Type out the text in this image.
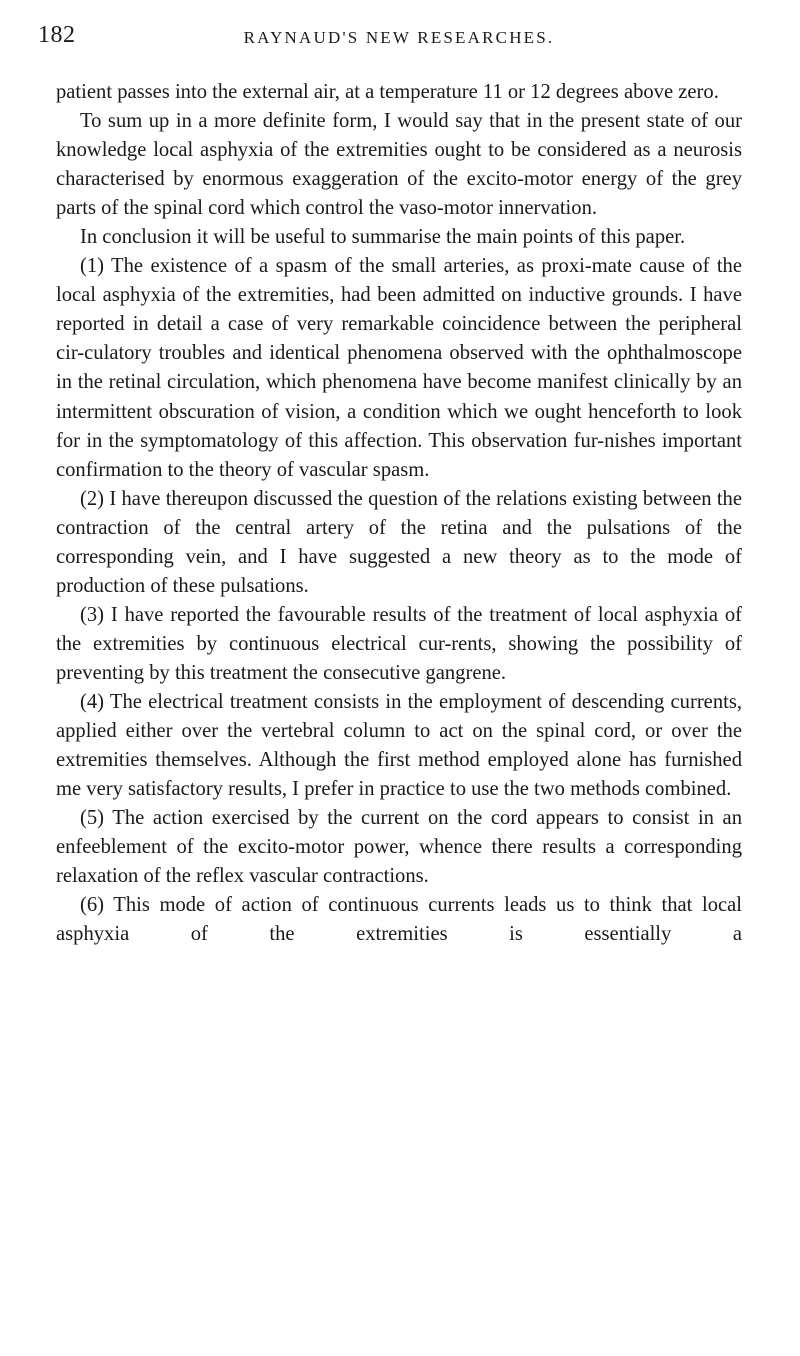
182	RAYNAUD'S NEW RESEARCHES.

patient passes into the external air, at a temperature 11 or 12 degrees above zero.

To sum up in a more definite form, I would say that in the present state of our knowledge local asphyxia of the extremities ought to be considered as a neurosis characterised by enormous exaggeration of the excito-motor energy of the grey parts of the spinal cord which control the vaso-motor innervation.

In conclusion it will be useful to summarise the main points of this paper.

(1) The existence of a spasm of the small arteries, as proxi-mate cause of the local asphyxia of the extremities, had been admitted on inductive grounds. I have reported in detail a case of very remarkable coincidence between the peripheral cir-culatory troubles and identical phenomena observed with the ophthalmoscope in the retinal circulation, which phenomena have become manifest clinically by an intermittent obscuration of vision, a condition which we ought henceforth to look for in the symptomatology of this affection. This observation fur-nishes important confirmation to the theory of vascular spasm.

(2) I have thereupon discussed the question of the relations existing between the contraction of the central artery of the retina and the pulsations of the corresponding vein, and I have suggested a new theory as to the mode of production of these pulsations.

(3) I have reported the favourable results of the treatment of local asphyxia of the extremities by continuous electrical cur-rents, showing the possibility of preventing by this treatment the consecutive gangrene.

(4) The electrical treatment consists in the employment of descending currents, applied either over the vertebral column to act on the spinal cord, or over the extremities themselves. Although the first method employed alone has furnished me very satisfactory results, I prefer in practice to use the two methods combined.

(5) The action exercised by the current on the cord appears to consist in an enfeeblement of the excito-motor power, whence there results a corresponding relaxation of the reflex vascular contractions.

(6) This mode of action of continuous currents leads us to think that local asphyxia of the extremities is essentially a
